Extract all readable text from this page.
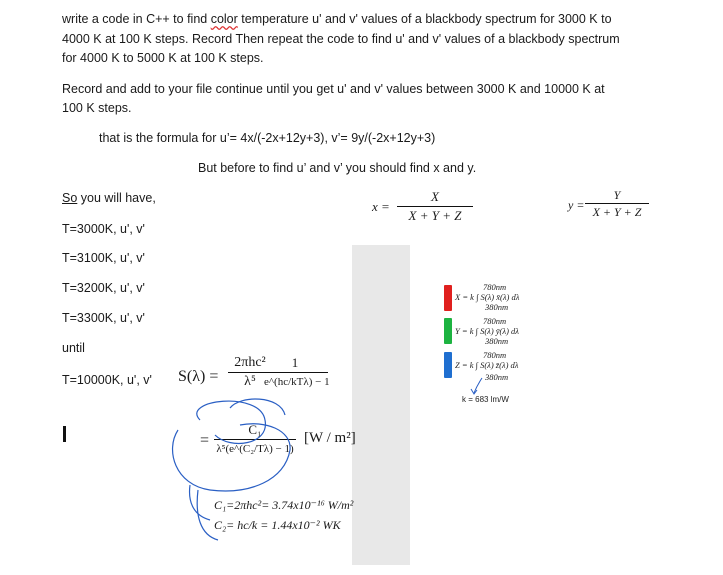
write a code in C++ to find color temperature u' and v' values of a blackbody spectrum for 3000 K to

4000 K at 100 K steps. Record Then repeat the code to find u' and v' values of a blackbody spectrum

for 4000 K to 5000 K at 100 K steps.

Record and add to your file continue until you get u' and v' values between 3000 K and 10000 K at

100 K steps.

that is the formula for u’= 4x/(-2x+12y+3), v’= 9y/(-2x+12y+3)

But before to find u’ and v’ you should find x and y.

So you will have,

T=3000K, u', v'

T=3100K, u', v'

T=3200K, u', v'

T=3300K, u', v'

until

T=10000K, u', v'

$x = \frac{X}{X + Y + Z}$	$y = \frac{Y}{X + Y + Z}$
S(λ) =
2πhc²
λ⁵
1
e^(hc/kTλ) − 1
=
C₁
λ⁵(e^(C₂/Tλ) − 1)
[W / m²]
C₁=2πhc²= 3.74x10⁻¹⁶ W/m²
C₂= hc/k = 1.44x10⁻² WK
780nm
X = k ∫ S(λ) x̄(λ) dλ
380nm
780nm
Y = k ∫ S(λ) ȳ(λ) dλ
380nm
780nm
Z = k ∫ S(λ) z̄(λ) dλ
380nm
k = 683 lm/W
